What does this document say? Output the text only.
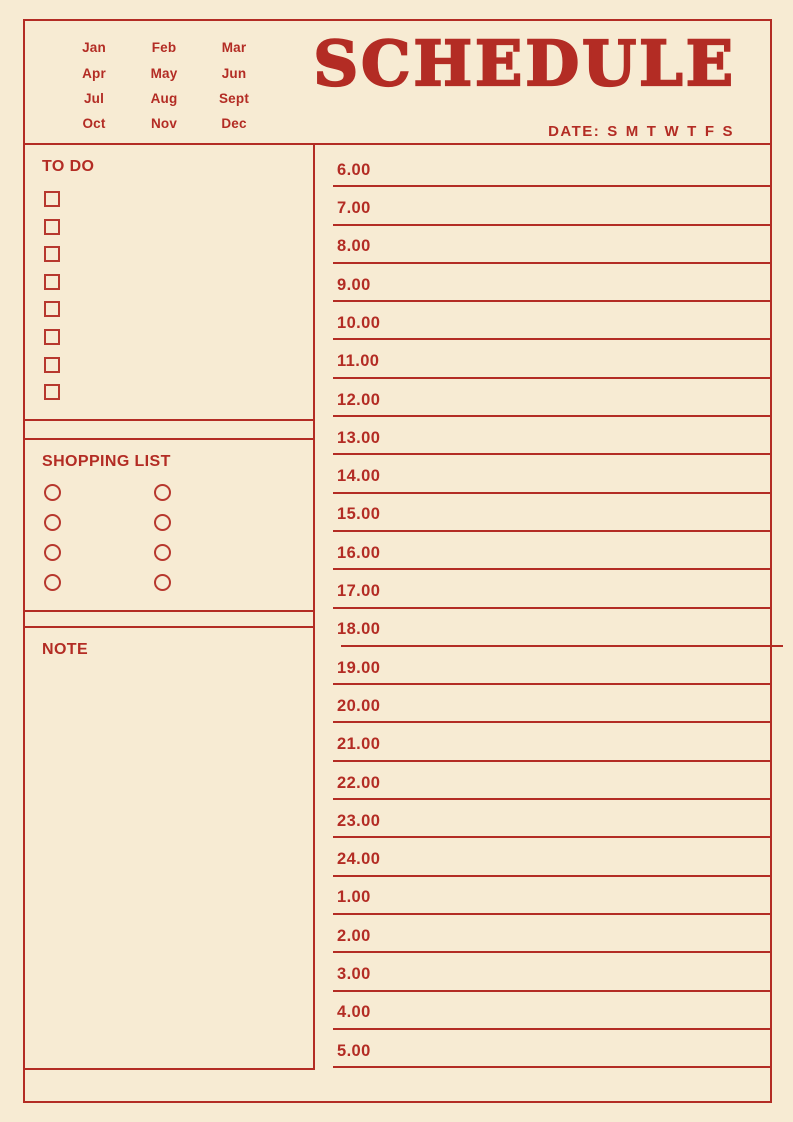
Jan	Feb	Mar
Apr	May	Jun
Jul	Aug	Sept
Oct	Nov	Dec
SCHEDULE
DATE: S M T W T F S
TO DO
SHOPPING LIST
NOTE
6.00
7.00
8.00
9.00
10.00
11.00
12.00
13.00
14.00
15.00
16.00
17.00
18.00
19.00
20.00
21.00
22.00
23.00
24.00
1.00
2.00
3.00
4.00
5.00
